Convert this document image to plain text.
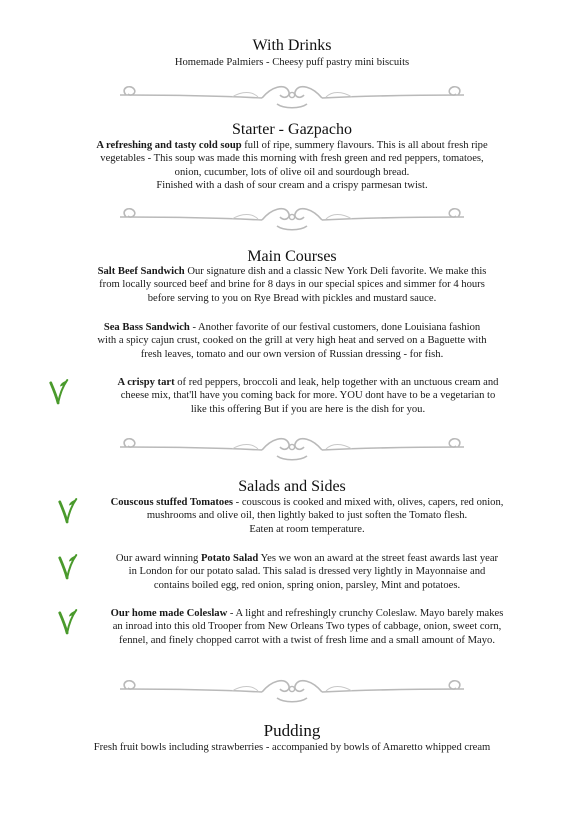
With Drinks
Homemade Palmiers - Cheesy puff pastry mini biscuits
Starter - Gazpacho
A refreshing and tasty cold soup full of ripe, summery flavours. This is all about fresh ripe
vegetables - This soup was made this morning with fresh green and red peppers, tomatoes,
onion, cucumber, lots of olive oil and sourdough bread.
Finished with a dash of sour cream and a crispy parmesan twist.
Main Courses
Salt Beef Sandwich Our signature dish and a classic New York Deli favorite. We make this
from locally sourced beef and brine for 8 days in our special spices and simmer for 4 hours
before serving to you on Rye Bread with pickles and mustard sauce.
Sea Bass Sandwich - Another favorite of our festival customers, done Louisiana fashion
with a spicy cajun crust, cooked on the grill at very high heat and served on a Baguette with
fresh leaves, tomato and our own version of Russian dressing - for fish.
A crispy tart of red peppers, broccoli and leak, help together with an unctuous cream and
cheese mix, that'll have you coming back for more. YOU dont have to be a vegetarian to
like this offering But if you are here is the dish for you.
Salads and Sides
Couscous stuffed Tomatoes - couscous is cooked and mixed with, olives, capers, red onion,
mushrooms and olive oil, then lightly baked to just soften the Tomato flesh.
Eaten at room temperature.
Our award winning Potato Salad Yes we won an award at the street feast awards last year
in London for our potato salad. This salad is dressed very lightly in Mayonnaise and
contains boiled egg, red onion, spring onion, parsley, Mint and potatoes.
Our home made Coleslaw - A light and refreshingly crunchy Coleslaw. Mayo barely makes
an inroad into this old Trooper from New Orleans Two types of cabbage, onion, sweet corn,
fennel, and finely chopped carrot with a twist of fresh lime and a small amount of Mayo.
Pudding
Fresh fruit bowls including strawberries - accompanied by bowls of Amaretto whipped cream
